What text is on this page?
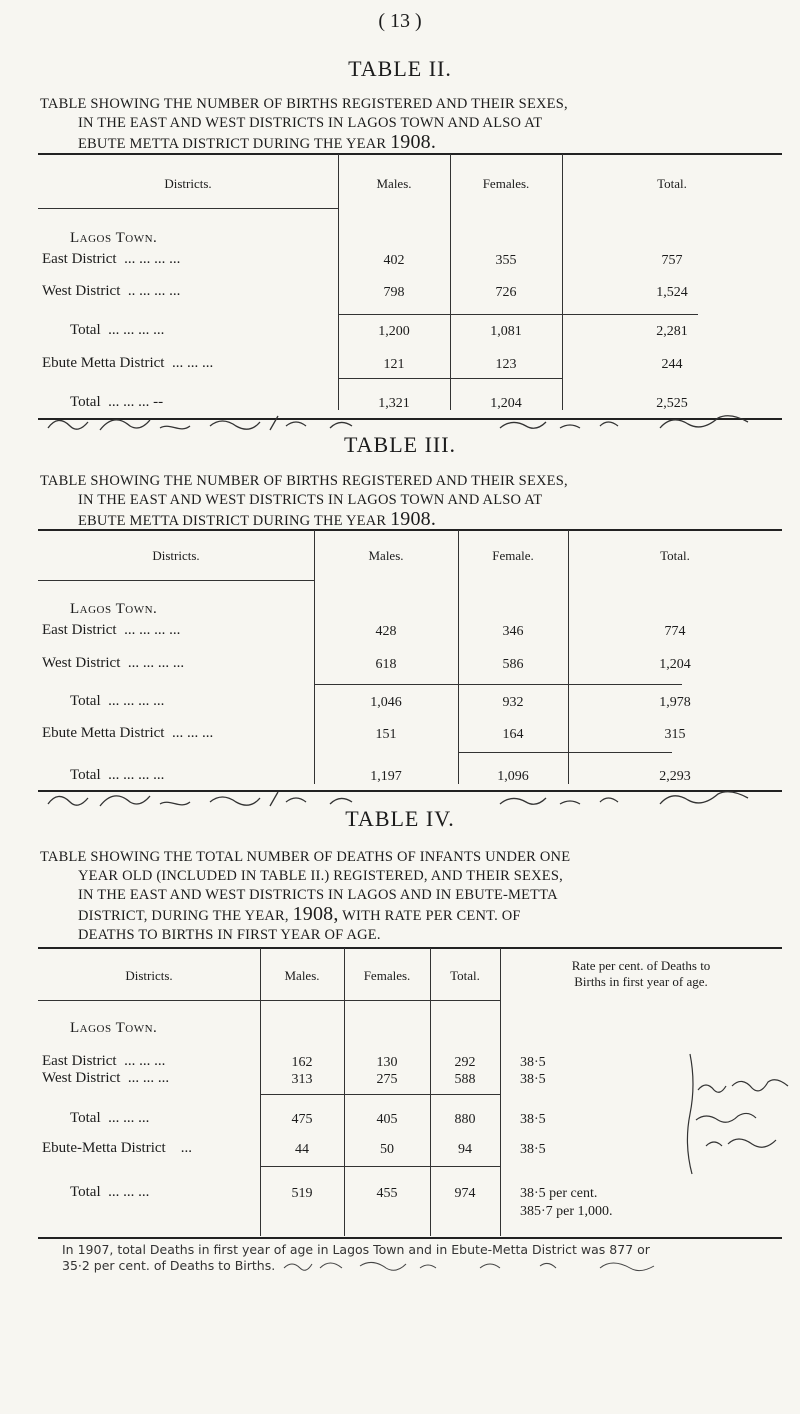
( 13 )
TABLE II.
TABLE SHOWING THE NUMBER OF BIRTHS REGISTERED AND THEIR SEXES,
IN THE EAST AND WEST DISTRICTS IN LAGOS TOWN AND ALSO AT
EBUTE METTA DISTRICT DURING THE YEAR 1908.
Districts.	Males.	Females.	Total.
Lagos Town.
East District ... ... ... ...	402	355	757
West District .. ... ... ...	798	726	1,524
Total ... ... ... ...	1,200	1,081	2,281
Ebute Metta District ... ... ...	121	123	244
Total ... ... ... --	1,321	1,204	2,525
TABLE III.
TABLE SHOWING THE NUMBER OF BIRTHS REGISTERED AND THEIR SEXES,
IN THE EAST AND WEST DISTRICTS IN LAGOS TOWN AND ALSO AT
EBUTE METTA DISTRICT DURING THE YEAR 1908.
Districts.	Males.	Female.	Total.
Lagos Town.
East District ... ... ... ...	428	346	774
West District ... ... ... ...	618	586	1,204
Total ... ... ... ...	1,046	932	1,978
Ebute Metta District ... ... ...	151	164	315
Total ... ... ... ...	1,197	1,096	2,293
TABLE IV.
TABLE SHOWING THE TOTAL NUMBER OF DEATHS OF INFANTS UNDER ONE
YEAR OLD (INCLUDED IN TABLE II.) REGISTERED, AND THEIR SEXES,
IN THE EAST AND WEST DISTRICTS IN LAGOS AND IN EBUTE-METTA
DISTRICT, DURING THE YEAR, 1908, WITH RATE PER CENT. OF
DEATHS TO BIRTHS IN FIRST YEAR OF AGE.
Districts.	Males.	Females.	Total.
Rate per cent. of Deaths to
Births in first year of age.
Lagos Town.
East District ... ... ...	162	130	292	38·5
West District ... ... ...	313	275	588	38·5
Total ... ... ...	475	405	880	38·5
Ebute-Metta District ...	44	50	94	38·5
Total ... ... ...	519	455	974	38·5 per cent.
385·7 per 1,000.
In 1907, total Deaths in first year of age in Lagos Town and in Ebute-Metta District was 877 or
35·2 per cent. of Deaths to Births.
